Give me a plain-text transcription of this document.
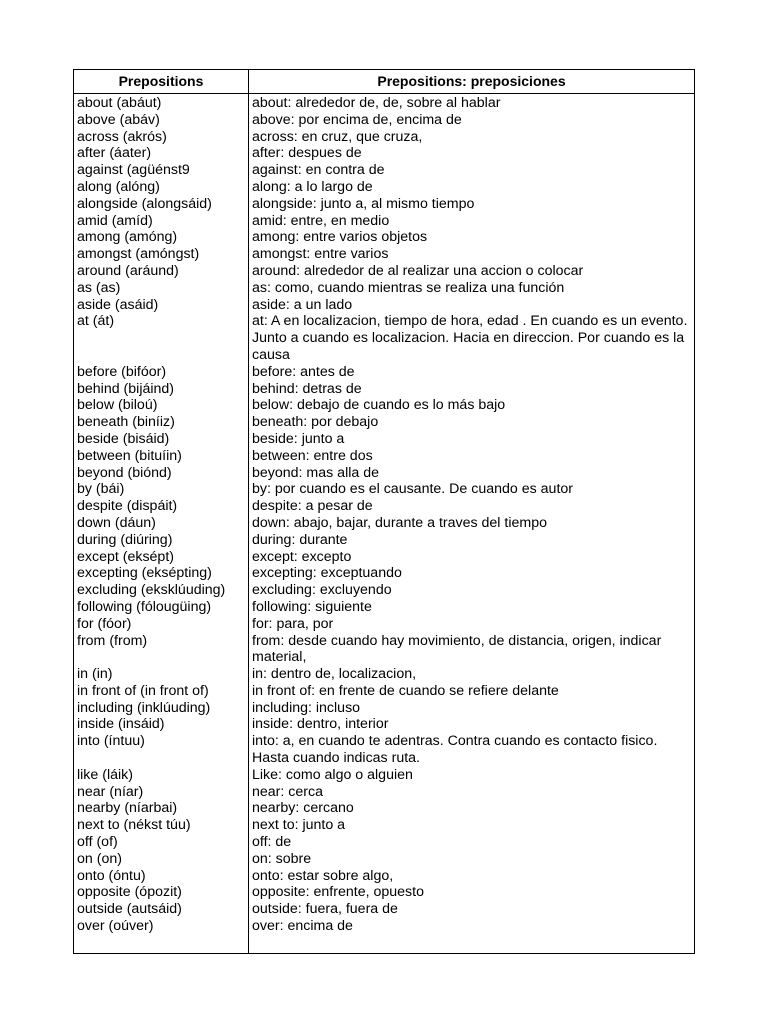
Prepositions	Prepositions: preposiciones
about (abáut)	about: alrededor de, de, sobre al hablar
above (abáv)	above: por encima de, encima de
across (akrós)	across: en cruz, que cruza,
after (áater)	after: despues de
against (agüénst9	against: en contra de
along (alóng)	along: a lo largo de
alongside (alongsáid)	alongside: junto a, al mismo tiempo
amid (amíd)	amid: entre, en medio
among (amóng)	among: entre varios objetos
amongst (amóngst)	amongst: entre varios
around (aráund)	around: alrededor de al realizar una accion o colocar
as (as)	as: como, cuando mientras se realiza una función
aside (asáid)	aside: a un lado
at (át)	at: A en localizacion, tiempo de hora, edad . En cuando es un evento. Junto a cuando es localizacion. Hacia en direccion. Por cuando es la causa
before (bifóor)	before: antes de
behind (bijáind)	behind: detras de
below (bilоú)	below: debajo de cuando es lo más bajo
beneath (biníiz)	beneath: por debajo
beside (bisáid)	beside: junto a
between (bituíin)	between: entre dos
beyond (biónd)	beyond: mas alla de
by (bái)	by: por cuando es el causante. De cuando es autor
despite (dispáit)	despite: a pesar de
down (dáun)	down: abajo, bajar, durante a traves del tiempo
during (diúring)	during: durante
except (eksépt)	except: excepto
excepting (ekséptіng)	excepting: exceptuando
excluding (eksklúuding)	excluding: excluyendo
following (fólougüing)	following: siguiente
for (fóor)	for: para, por
from (from)	from: desde cuando hay movimiento, de distancia, origen, indicar material,
in (in)	in: dentro de, localizacion,
in front of (in front of)	in front of: en frente de cuando se refiere delante
including (inklúuding)	including: incluso
inside (insáid)	inside: dentro, interior
into (íntuu)	into: a, en cuando te adentras. Contra cuando es contacto fisico. Hasta cuando indicas ruta.
like (láik)	Like: como algo o alguien
near (níar)	near: cerca
nearby (níarbai)	nearby: cercano
next to (nékst túu)	next to: junto a
off (of)	off: de
on (on)	on: sobre
onto (óntu)	onto: estar sobre algo,
opposite (ópozit)	opposite: enfrente, opuesto
outside (autsáid)	outside: fuera, fuera de
over (oúver)	over: encima de
